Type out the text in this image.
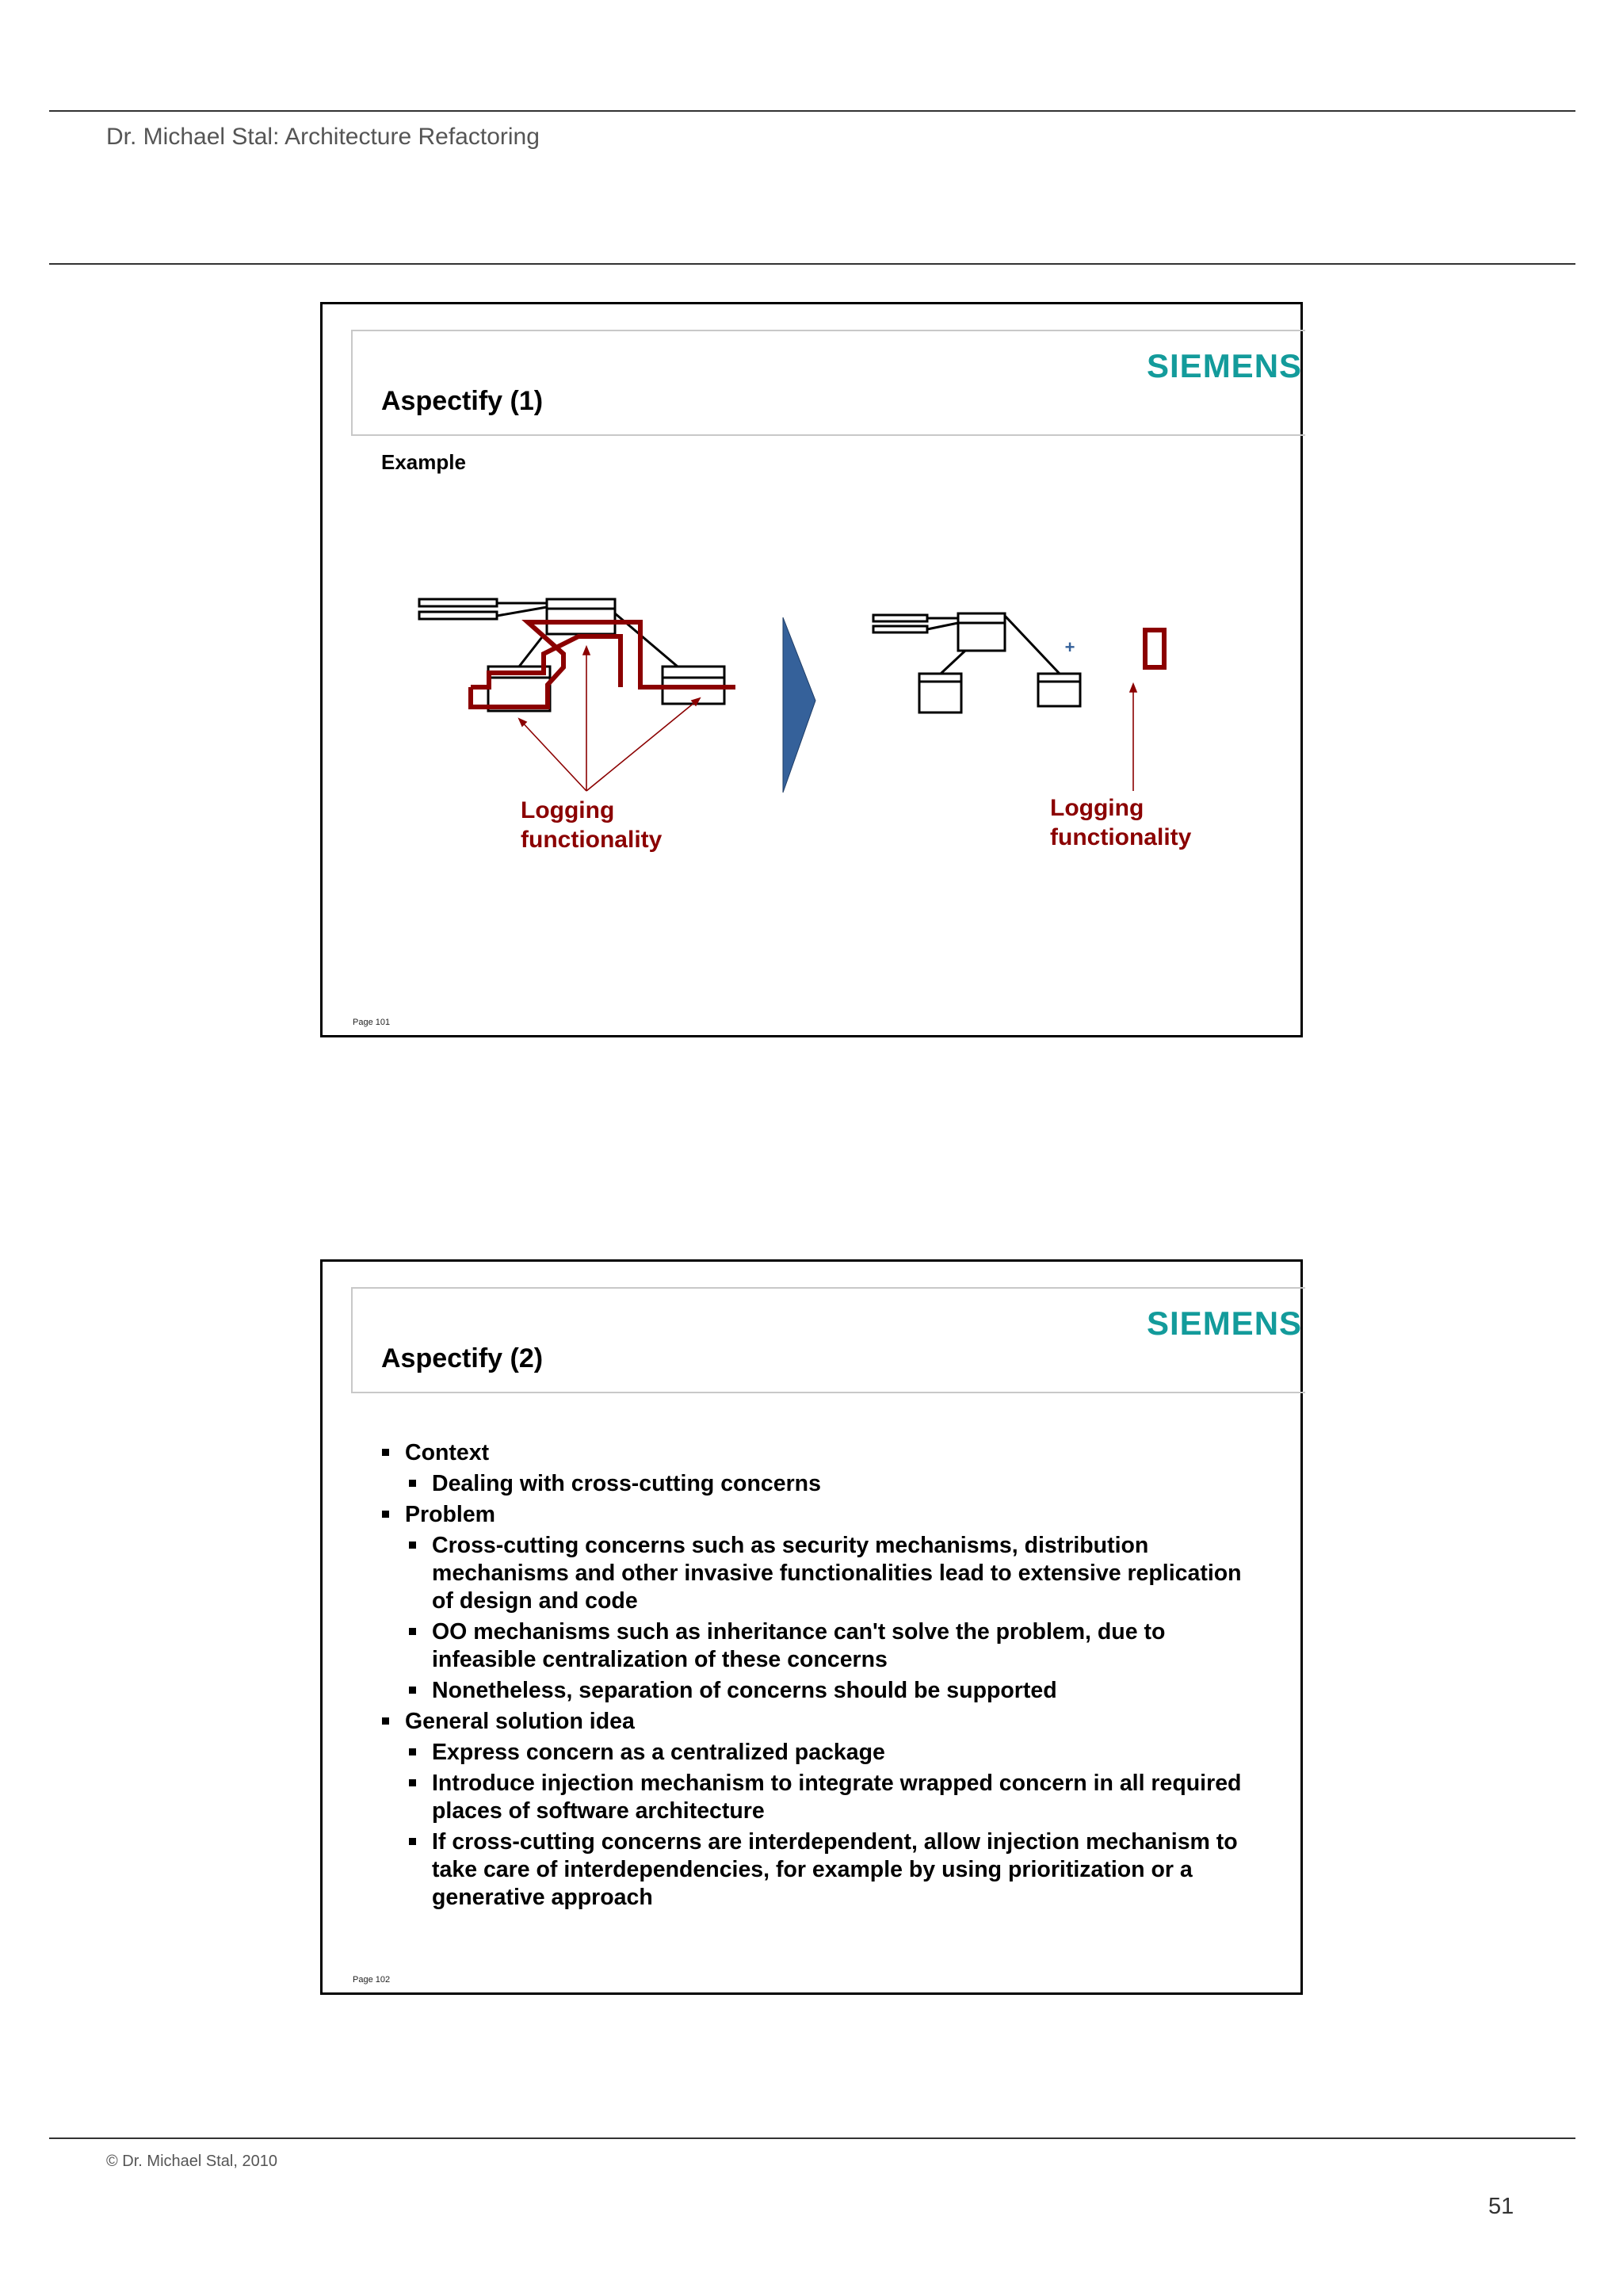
Dr. Michael Stal: Architecture Refactoring
SIEMENS
Aspectify (1)
Example
+
Logging
functionality
Logging
functionality
Page 101
SIEMENS
Aspectify (2)
Context
Dealing with cross-cutting concerns
Problem
Cross-cutting concerns such as security mechanisms, distribution mechanisms and other invasive functionalities lead to extensive replication of design and code
OO mechanisms such as inheritance can't solve the problem, due to infeasible centralization of these concerns
Nonetheless, separation of concerns should be supported
General solution idea
Express concern as a centralized package
Introduce injection mechanism to integrate wrapped concern in all required places of software architecture
If cross-cutting concerns are interdependent, allow injection mechanism to take care of interdependencies, for example by using prioritization or a generative approach
Page 102
© Dr. Michael Stal, 2010
51
